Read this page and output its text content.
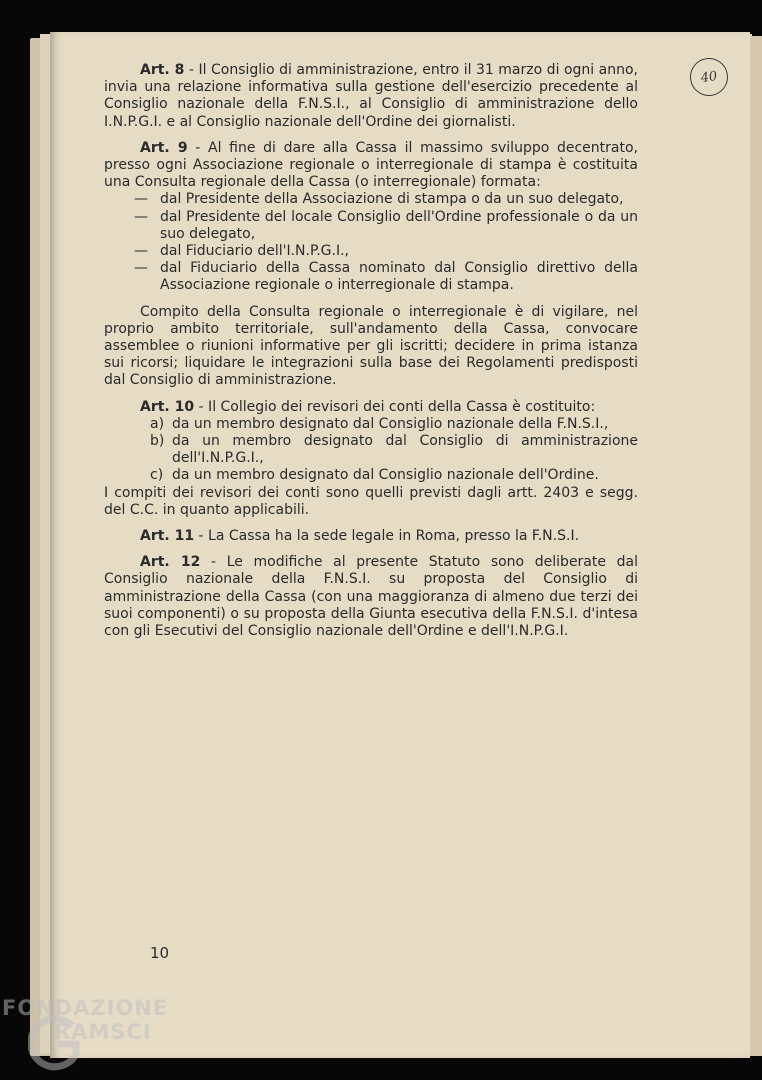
40

Art. 8 - Il Consiglio di amministrazione, entro il 31 marzo di ogni anno, invia una relazione informativa sulla gestione dell'esercizio precedente al Consiglio nazionale della F.N.S.I., al Consiglio di amministrazione dello I.N.P.G.I. e al Consiglio nazionale dell'Ordine dei giornalisti.

Art. 9 - Al fine di dare alla Cassa il massimo sviluppo decentrato, presso ogni Associazione regionale o interregionale di stampa è costituita una Consulta regionale della Cassa (o interregionale) formata:

— dal Presidente della Associazione di stampa o da un suo delegato,
— dal Presidente del locale Consiglio dell'Ordine professionale o da un suo delegato,
— dal Fiduciario dell'I.N.P.G.I.,
— dal Fiduciario della Cassa nominato dal Consiglio direttivo della Associazione regionale o interregionale di stampa.

Compito della Consulta regionale o interregionale è di vigilare, nel proprio ambito territoriale, sull'andamento della Cassa, convocare assemblee o riunioni informative per gli iscritti; decidere in prima istanza sui ricorsi; liquidare le integrazioni sulla base dei Regolamenti predisposti dal Consiglio di amministrazione.

Art. 10 - Il Collegio dei revisori dei conti della Cassa è costituito:

a) da un membro designato dal Consiglio nazionale della F.N.S.I.,
b) da un membro designato dal Consiglio di amministrazione dell'I.N.P.G.I.,
c) da un membro designato dal Consiglio nazionale dell'Ordine.

I compiti dei revisori dei conti sono quelli previsti dagli artt. 2403 e segg. del C.C. in quanto applicabili.

Art. 11 - La Cassa ha la sede legale in Roma, presso la F.N.S.I.

Art. 12 - Le modifiche al presente Statuto sono deliberate dal Consiglio nazionale della F.N.S.I. su proposta del Consiglio di amministrazione della Cassa (con una maggioranza di almeno due terzi dei suoi componenti) o su proposta della Giunta esecutiva della F.N.S.I. d'intesa con gli Esecutivi del Consiglio nazionale dell'Ordine e dell'I.N.P.G.I.

10
FONDAZIONE
RAMSCI
